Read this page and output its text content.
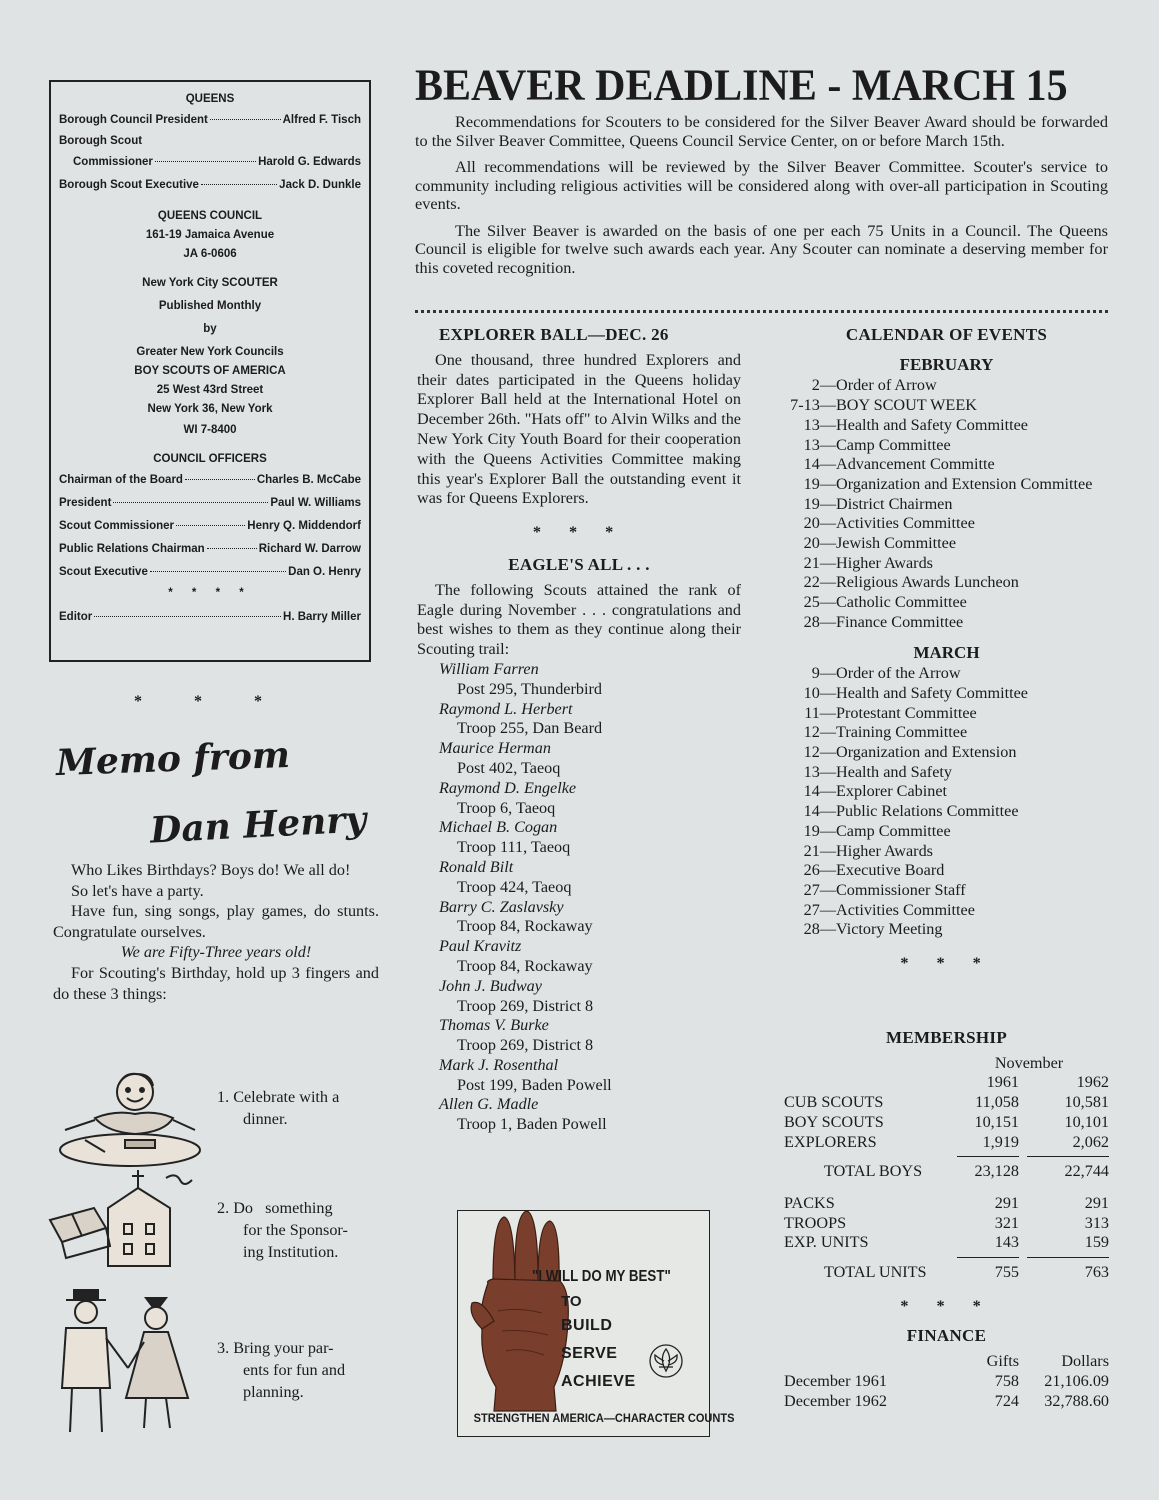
QUEENS
Borough Council President	Alfred F. Tisch
Borough Scout
Commissioner	Harold G. Edwards
Borough Scout Executive	Jack D. Dunkle
QUEENS COUNCIL
161-19 Jamaica Avenue
JA 6-0606
New York City SCOUTER
Published Monthly
by
Greater New York Councils
BOY SCOUTS OF AMERICA
25 West 43rd Street
New York 36, New York
WI 7-8400
COUNCIL OFFICERS
Chairman of the Board	Charles B. McCabe
President	Paul W. Williams
Scout Commissioner	Henry Q. Middendorf
Public Relations Chairman	Richard W. Darrow
Scout Executive	Dan O. Henry
* * * *
Editor	H. Barry Miller
BEAVER DEADLINE - MARCH 15

Recommendations for Scouters to be considered for the Silver Beaver Award should be forwarded to the Silver Beaver Committee, Queens Council Service Center, on or before March 15th.

All recommendations will be reviewed by the Silver Beaver Committee. Scouter's service to community including religious activities will be considered along with over-all participation in Scouting events.

The Silver Beaver is awarded on the basis of one per each 75 Units in a Council. The Queens Council is eligible for twelve such awards each year. Any Scouter can nominate a deserving member for this coveted recognition.

EXPLORER BALL—DEC. 26

One thousand, three hundred Explorers and their dates participated in the Queens holiday Explorer Ball held at the International Hotel on December 26th. "Hats off" to Alvin Wilks and the New York City Youth Board for their cooperation with the Queens Activities Committee making this year's Explorer Ball the outstanding event it was for Queens Explorers.

* * *
EAGLE'S ALL . . .

The following Scouts attained the rank of Eagle during November . . . congratulations and best wishes to them as they continue along their Scouting trail:

William Farren
Post 295, Thunderbird
Raymond L. Herbert
Troop 255, Dan Beard
Maurice Herman
Post 402, Taeoq
Raymond D. Engelke
Troop 6, Taeoq
Michael B. Cogan
Troop 111, Taeoq
Ronald Bilt
Troop 424, Taeoq
Barry C. Zaslavsky
Troop 84, Rockaway
Paul Kravitz
Troop 84, Rockaway
John J. Budway
Troop 269, District 8
Thomas V. Burke
Troop 269, District 8
Mark J. Rosenthal
Post 199, Baden Powell
Allen G. Madle
Troop 1, Baden Powell
"I WILL DO MY BEST"
TO
BUILD
SERVE
ACHIEVE
STRENGTHEN AMERICA—CHARACTER COUNTS
CALENDAR OF EVENTS
FEBRUARY
2— Order of Arrow
7-13— BOY SCOUT WEEK
13— Health and Safety Committee
13— Camp Committee
14— Advancement Committe
19— Organization and Extension Committee
19— District Chairmen
20— Activities Committee
20— Jewish Committee
21— Higher Awards
22— Religious Awards Luncheon
25— Catholic Committee
28— Finance Committee
MARCH
9— Order of the Arrow
10— Health and Safety Committee
11— Protestant Committee
12— Training Committee
12— Organization and Extension
13— Health and Safety
14— Explorer Cabinet
14— Public Relations Committee
19— Camp Committee
21— Higher Awards
26— Executive Board
27— Commissioner Staff
27— Activities Committee
28— Victory Meeting
* * *
MEMBERSHIP
November
1961	1962
CUB SCOUTS	11,058	10,581
BOY SCOUTS	10,151	10,101
EXPLORERS	1,919	2,062
TOTAL BOYS	23,128	22,744
PACKS	291	291
TROOPS	321	313
EXP. UNITS	143	159
TOTAL UNITS	755	763
* * *
FINANCE
Gifts	Dollars
December 1961	758	21,106.09
December 1962	724	32,788.60
* * *
Memo from
Dan Henry

Who Likes Birthdays? Boys do! We all do!

So let's have a party.

Have fun, sing songs, play games, do stunts. Congratulate ourselves.

We are Fifty-Three years old!

For Scouting's Birthday, hold up 3 fingers and do these 3 things:

1. Celebrate with a
dinner.
2. Do   something
for the Sponsor-
ing Institution.
3. Bring your par-
ents for fun and
planning.
